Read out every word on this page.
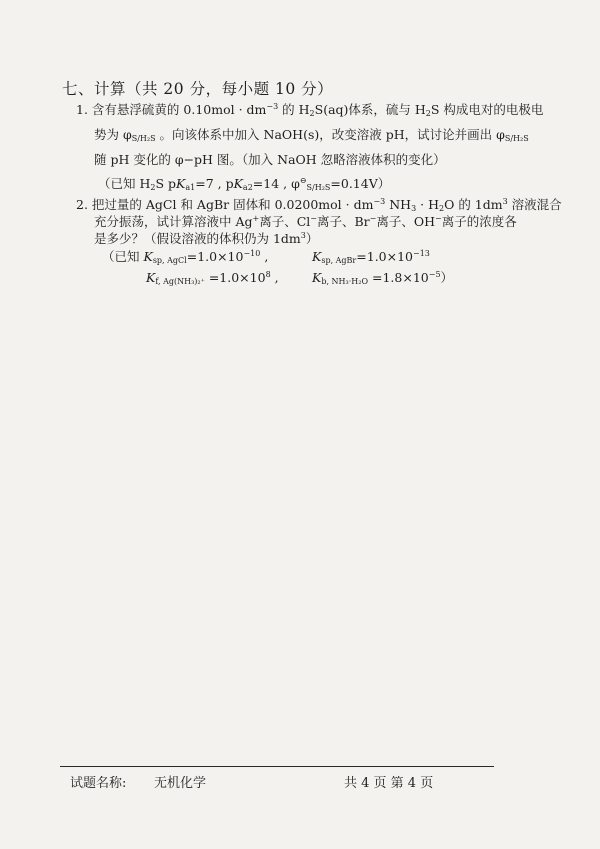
七、计算（共 20 分，每小题 10 分）
1. 含有悬浮硫黄的 $0.10mol \cdot dm^{-3}$ 的 $H_2S(aq)$体系，硫与 $H_2S$ 构成电对的电极电
势为 $\varphi_{S/H_2S}$ 。向该体系中加入 NaOH(s)，改变溶液 pH，试讨论并画出 $\varphi_{S/H_2S}$
随 pH 变化的 φ−pH 图。（加入 NaOH 忽略溶液体积的变化）
（已知 $H_2S$ $pK_{a1}=7$ , $pK_{a2}=14$ , $\varphi^⊖_{S/H_2S}=0.14V$）
2. 把过量的 AgCl 和 AgBr 固体和 $0.0200mol \cdot dm^{-3}$ $NH_3 \cdot H_2O$ 的 $1dm^3$ 溶液混合
充分振荡，试计算溶液中 Ag+离子、Cl−离子、Br−离子、OH−离子的浓度各
是多少？（假设溶液的体积仍为 $1dm^3$）
（已知 $K_{sp, AgCl}=1.0\times 10^{-10}$ ,	$K_{sp, AgBr}=1.0\times 10^{-13}$
$K_{f, Ag(NH_3)_2^+} =1.0\times 10^8$ ,	$K_{b, NH_3\cdot H_2O} =1.8\times 10^{-5}$）
试题名称: 无机化学	共 4 页 第 4 页
